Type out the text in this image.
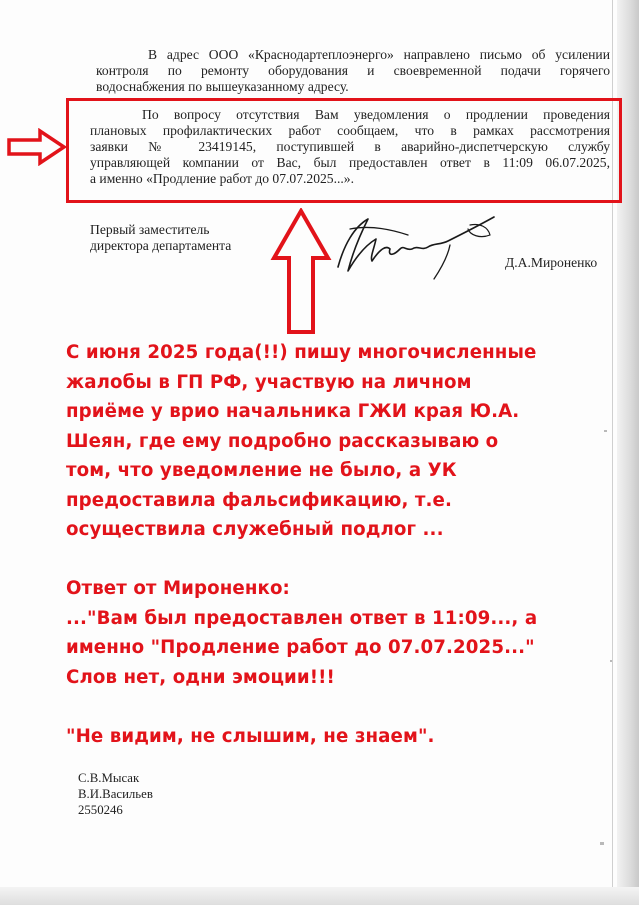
В адрес ООО «Краснодартеплоэнерго» направлено письмо об усилении
контроля по ремонту оборудования и своевременной подачи горячего
водоснабжения по вышеуказанному адресу.
По вопросу отсутствия Вам уведомления о продлении проведения
плановых профилактических работ сообщаем, что в рамках рассмотрения
заявки № 23419145, поступившей в аварийно-диспетчерскую службу
управляющей компании от Вас, был предоставлен ответ в 11:09 06.07.2025,
а именно «Продление работ до 07.07.2025...».
Первый заместитель
директора департамента
Д.А.Мироненко
С июня 2025 года(!!) пишу многочисленные
жалобы в ГП РФ, участвую на личном
приёме у врио начальника ГЖИ края Ю.А.
Шеян, где ему подробно рассказываю о
том, что уведомление не было, а УК
предоставила фальсификацию, т.е.
осуществила служебный подлог ...
Ответ от Мироненко:
..."Вам был предоставлен ответ в 11:09..., а
именно "Продление работ до 07.07.2025..."
Слов нет, одни эмоции!!!
"Не видим, не слышим, не знаем".
С.В.Мысак
В.И.Васильев
2550246
